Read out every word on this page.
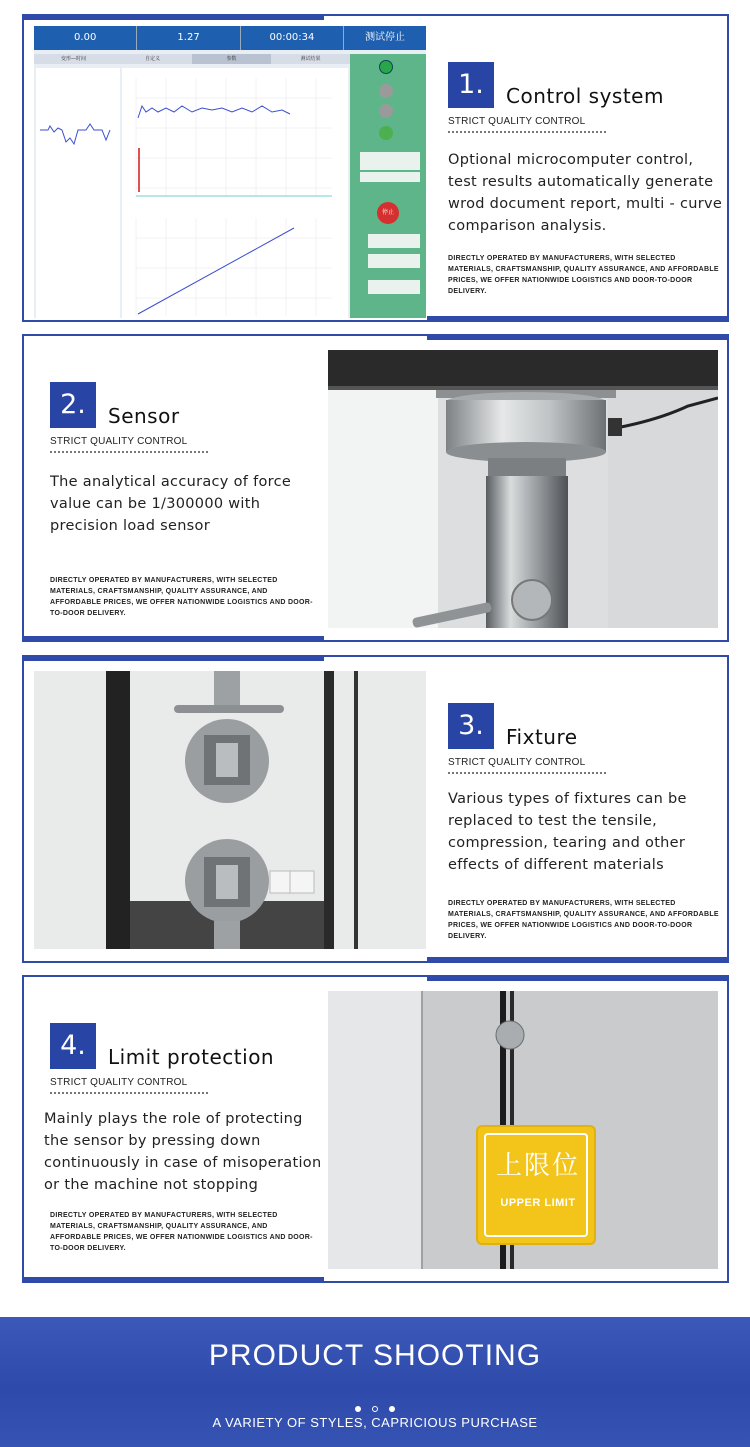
0.00	1.27	00:00:34	测试停止
变形—时间	自定义	参数	测试结果
停止
1.	Control system
STRICT QUALITY CONTROL
Optional microcomputer control, test results automatically generate wrod document report, multi - curve comparison analysis.
DIRECTLY OPERATED BY MANUFACTURERS, WITH SELECTED MATERIALS, CRAFTSMANSHIP, QUALITY ASSURANCE, AND AFFORDABLE PRICES, WE OFFER NATIONWIDE LOGISTICS AND DOOR-TO-DOOR DELIVERY.
2.	Sensor
STRICT QUALITY CONTROL
The analytical accuracy of force value can be 1/300000 with precision load sensor
DIRECTLY OPERATED BY MANUFACTURERS, WITH SELECTED MATERIALS, CRAFTSMANSHIP, QUALITY ASSURANCE, AND AFFORDABLE PRICES, WE OFFER NATIONWIDE LOGISTICS AND DOOR-TO-DOOR DELIVERY.
3.	Fixture
STRICT QUALITY CONTROL
Various types of fixtures can be replaced to test the tensile, compression, tearing and other effects of different materials
DIRECTLY OPERATED BY MANUFACTURERS, WITH SELECTED MATERIALS, CRAFTSMANSHIP, QUALITY ASSURANCE, AND AFFORDABLE PRICES, WE OFFER NATIONWIDE LOGISTICS AND DOOR-TO-DOOR DELIVERY.
4.	Limit protection
STRICT QUALITY CONTROL
Mainly plays the role of protecting the sensor by pressing down continuously in case of misoperation or the machine not stopping
DIRECTLY OPERATED BY MANUFACTURERS, WITH SELECTED MATERIALS, CRAFTSMANSHIP, QUALITY ASSURANCE, AND AFFORDABLE PRICES, WE OFFER NATIONWIDE LOGISTICS AND DOOR-TO-DOOR DELIVERY.
上限位
UPPER LIMIT
PRODUCT SHOOTING

A VARIETY OF STYLES, CAPRICIOUS PURCHASE
